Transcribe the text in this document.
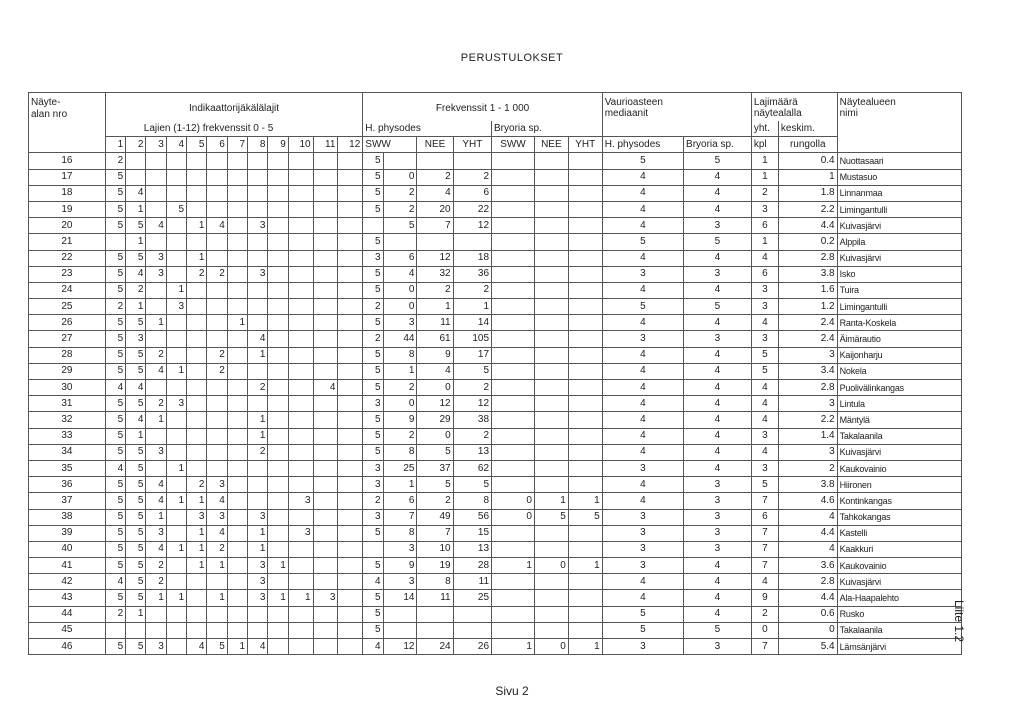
PERUSTULOKSET
Näyte-
alan nro	Indikaattorijäkälälajit												Frekvenssit 1 - 1 000							Vaurioasteen
mediaanit		Lajimäärä
näytealalla		Näytealueen
nimi
	Lajien (1-12) frekvenssit 0 - 5												H. physodes				Bryoria sp.					yht.	keskim.	
	1	2	3	4	5	6	7	8	9	10	11	12	SWW		NEE	YHT	SWW	NEE	YHT	H. physodes	Bryoria sp.	kpl	rungolla	
16	2												5							5	5	1	0.4	Nuottasaari
17	5												5	0	2	2				4	4	1	1	Mustasuo
18	5	4											5	2	4	6				4	4	2	1.8	Linnanmaa
19	5	1		5									5	2	20	22				4	4	3	2.2	Limingantulli
20	5	5	4		1	4		3						5	7	12				4	3	6	4.4	Kuivasjärvi
21		1											5							5	5	1	0.2	Alppila
22	5	5	3		1								3	6	12	18				4	4	4	2.8	Kuivasjärvi
23	5	4	3		2	2		3					5	4	32	36				3	3	6	3.8	Isko
24	5	2		1									5	0	2	2				4	4	3	1.6	Tuira
25	2	1		3									2	0	1	1				5	5	3	1.2	Limingantulli
26	5	5	1				1						5	3	11	14				4	4	4	2.4	Ranta-Koskela
27	5	3						4					2	44	61	105				3	3	3	2.4	Äimärautio
28	5	5	2			2		1					5	8	9	17				4	4	5	3	Kaijonharju
29	5	5	4	1		2							5	1	4	5				4	4	5	3.4	Nokela
30	4	4						2			4		5	2	0	2				4	4	4	2.8	Puolivälinkangas
31	5	5	2	3									3	0	12	12				4	4	4	3	Lintula
32	5	4	1					1					5	9	29	38				4	4	4	2.2	Mäntylä
33	5	1						1					5	2	0	2				4	4	3	1.4	Takalaanila
34	5	5	3					2					5	8	5	13				4	4	4	3	Kuivasjärvi
35	4	5		1									3	25	37	62				3	4	3	2	Kaukovainio
36	5	5	4		2	3							3	1	5	5				4	3	5	3.8	Hiironen
37	5	5	4	1	1	4				3			2	6	2	8	0	1	1	4	3	7	4.6	Kontinkangas
38	5	5	1		3	3		3					3	7	49	56	0	5	5	3	3	6	4	Tahkokangas
39	5	5	3		1	4		1		3			5	8	7	15				3	3	7	4.4	Kastelli
40	5	5	4	1	1	2		1						3	10	13				3	3	7	4	Kaakkuri
41	5	5	2		1	1		3	1				5	9	19	28	1	0	1	3	4	7	3.6	Kaukovainio
42	4	5	2					3					4	3	8	11				4	4	4	2.8	Kuivasjärvi
43	5	5	1	1		1		3	1	1	3		5	14	11	25				4	4	9	4.4	Ala-Haapalehto
44	2	1											5							5	4	2	0.6	Rusko
45													5							5	5	0	0	Takalaanila
46	5	5	3		4	5	1	4					4	12	24	26	1	0	1	3	3	7	5.4	Lämsänjärvi
Sivu 2
Liite 1.2
